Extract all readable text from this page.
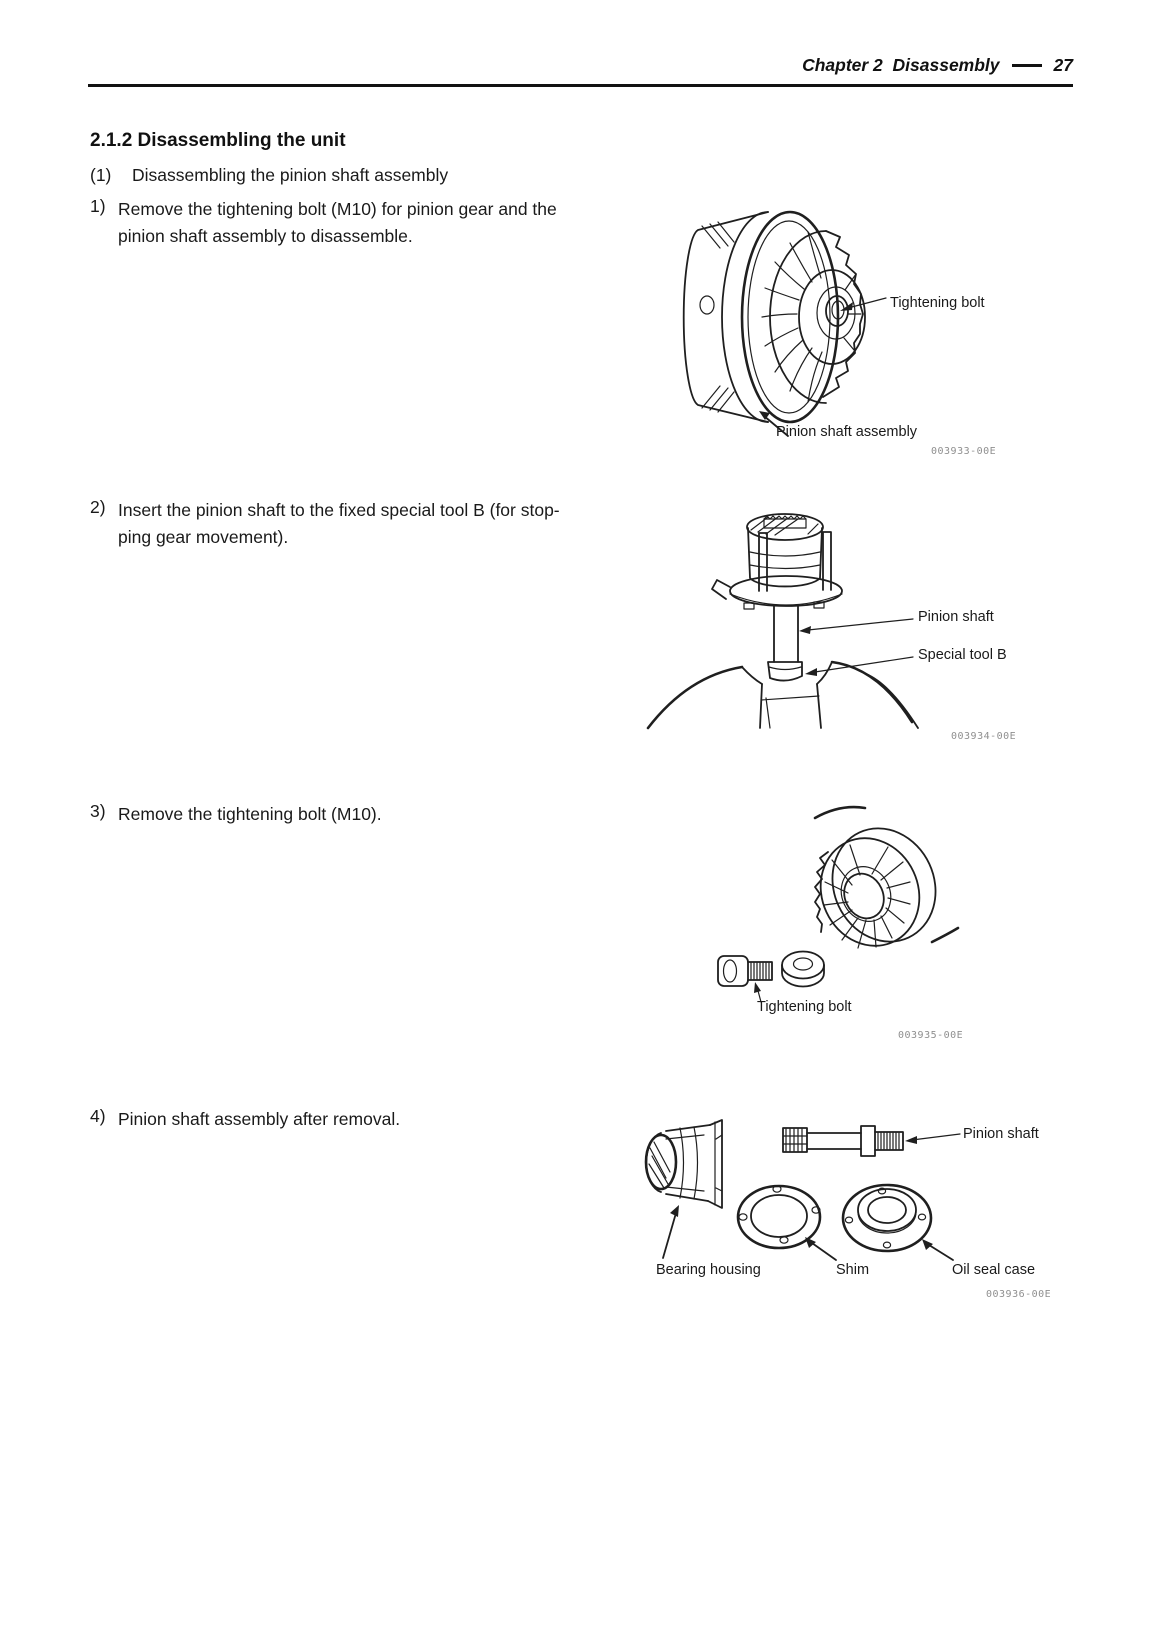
Chapter 2  Disassembly	27
2.1.2 Disassembling the unit
(1)	Disassembling the pinion shaft assembly
1) Remove the tightening bolt (M10) for pinion gear and the
pinion shaft assembly to disassemble.
2) Insert the pinion shaft to the fixed special tool B (for stop-
ping gear movement).
3) Remove the tightening bolt (M10).
4) Pinion shaft assembly after removal.
Tightening bolt
Pinion shaft assembly
003933-00E
Pinion shaft
Special tool B
003934-00E
Tightening bolt
003935-00E
Pinion shaft
Bearing housing	Shim	Oil seal case
003936-00E
